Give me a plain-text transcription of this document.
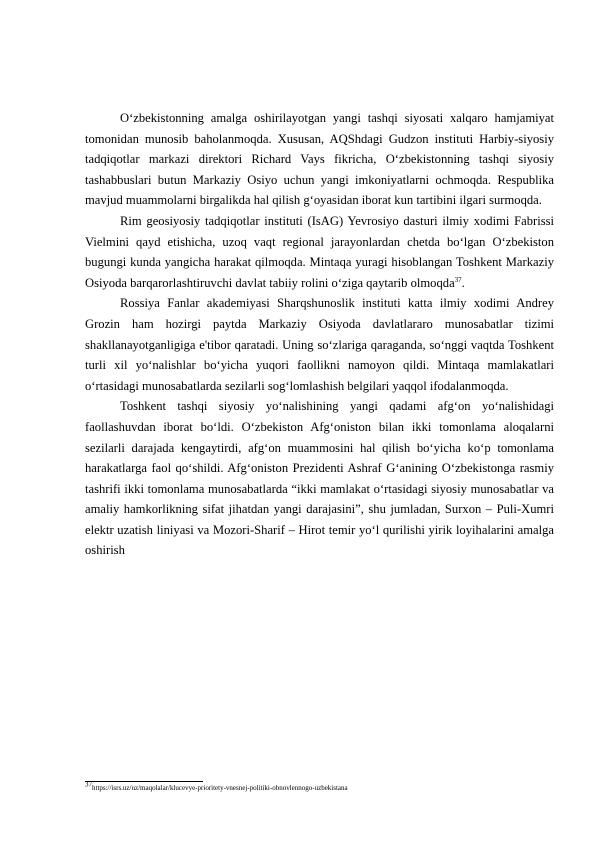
O‘zbekistonning amalga oshirilayotgan yangi tashqi siyosati xalqaro hamjamiyat tomonidan munosib baholanmoqda. Xususan, AQShdagi Gudzon instituti Harbiy-siyosiy tadqiqotlar markazi direktori Richard Vays fikricha, O‘zbekistonning tashqi siyosiy tashabbuslari butun Markaziy Osiyo uchun yangi imkoniyatlarni ochmoqda. Respublika mavjud muammolarni birgalikda hal qilish g‘oyasidan iborat kun tartibini ilgari surmoqda.

Rim geosiyosiy tadqiqotlar instituti (IsAG) Yevrosiyo dasturi ilmiy xodimi Fabrissi Vielmini qayd etishicha, uzoq vaqt regional jarayonlardan chetda bo‘lgan O‘zbekiston bugungi kunda yangicha harakat qilmoqda. Mintaqa yuragi hisoblangan Toshkent Markaziy Osiyoda barqarorlashtiruvchi davlat tabiiy rolini o‘ziga qaytarib olmoqda$^{37}$.

Rossiya Fanlar akademiyasi Sharqshunoslik instituti katta ilmiy xodimi Andrey Grozin ham hozirgi paytda Markaziy Osiyoda davlatlararo munosabatlar tizimi shakllanayotganligiga e'tibor qaratadi. Uning so‘zlariga qaraganda, so‘nggi vaqtda Toshkent turli xil yo‘nalishlar bo‘yicha yuqori faollikni namoyon qildi. Mintaqa mamlakatlari o‘rtasidagi munosabatlarda sezilarli sog‘lomlashish belgilari yaqqol ifodalanmoqda.

Toshkent tashqi siyosiy yo‘nalishining yangi qadami afg‘on yo‘nalishidagi faollashuvdan iborat bo‘ldi. O‘zbekiston Afg‘oniston bilan ikki tomonlama aloqalarni sezilarli darajada kengaytirdi, afg‘on muammosini hal qilish bo‘yicha ko‘p tomonlama harakatlarga faol qo‘shildi. Afg‘oniston Prezidenti Ashraf G‘anining O‘zbekistonga rasmiy tashrifi ikki tomonlama munosabatlarda “ikki mamlakat o‘rtasidagi siyosiy munosabatlar va amaliy hamkorlikning sifat jihatdan yangi darajasini”, shu jumladan, Surxon – Puli-Xumri elektr uzatish liniyasi va Mozori-Sharif – Hirot temir yo‘l qurilishi yirik loyihalarini amalga oshirish

$^{37}$https://isrs.uz/uz/maqolalar/klucevye-prioritety-vnesnej-politiki-obnovlennogo-uzbekistana
